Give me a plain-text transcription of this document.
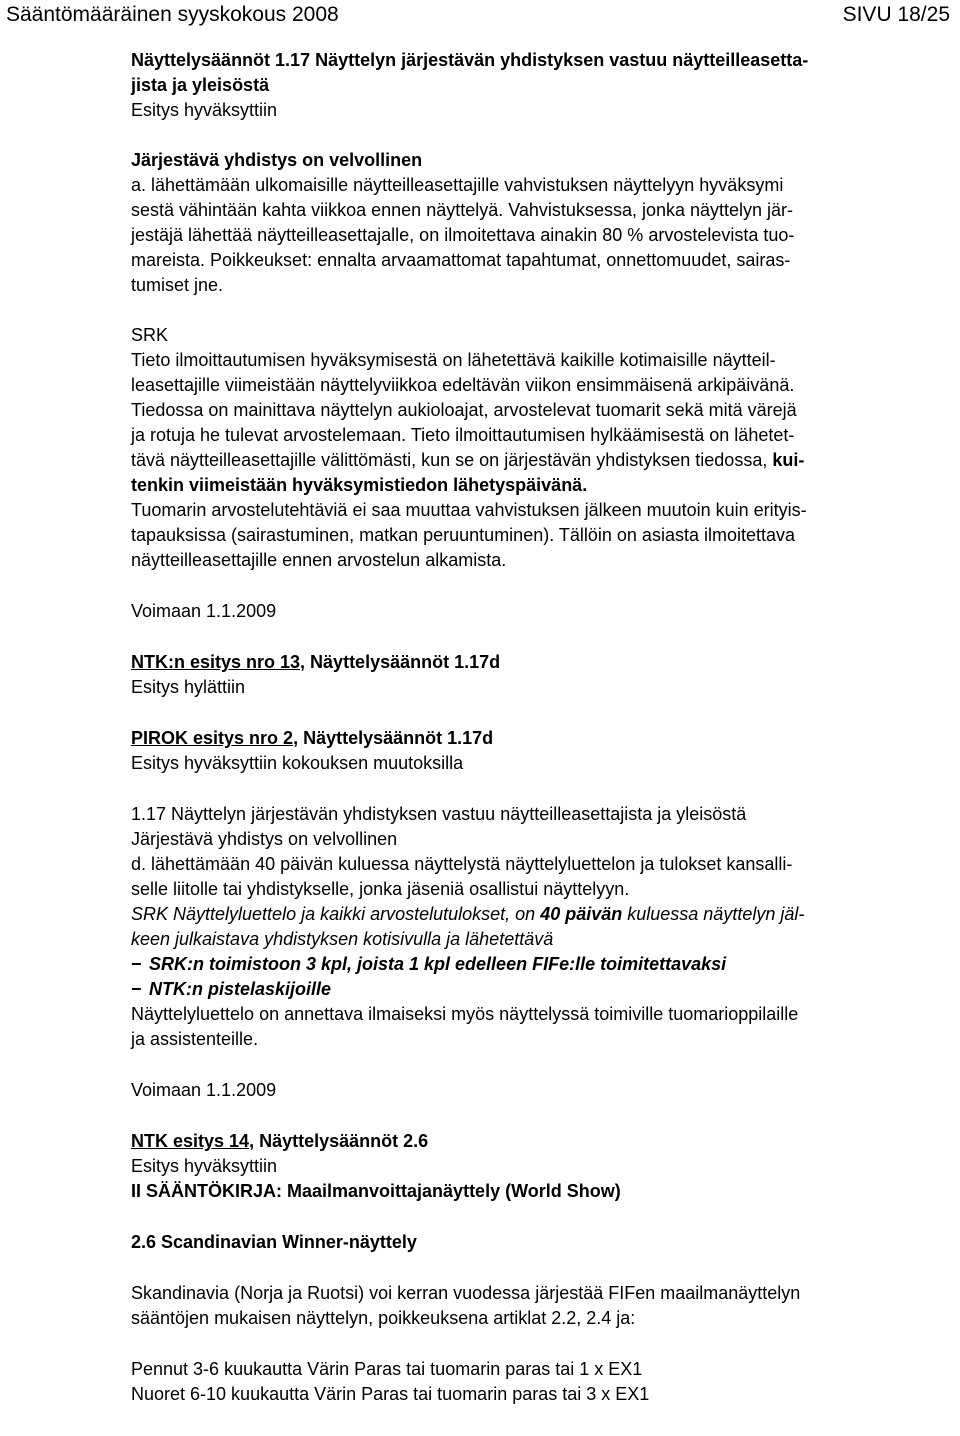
Sääntömääräinen syyskokous 2008	SIVU 18/25

Näyttelysäännöt 1.17 Näyttelyn järjestävän yhdistyksen vastuu näytteilleasetta-

jista ja yleisöstä

Esitys hyväksyttiin

Järjestävä yhdistys on velvollinen

a. lähettämään ulkomaisille näytteilleasettajille vahvistuksen näyttelyyn hyväksymi

sestä vähintään kahta viikkoa ennen näyttelyä. Vahvistuksessa, jonka näyttelyn jär-

jestäjä lähettää näytteilleasettajalle, on ilmoitettava ainakin 80 % arvostelevista tuo-

mareista. Poikkeukset: ennalta arvaamattomat tapahtumat, onnettomuudet, sairas-

tumiset jne.

SRK

Tieto ilmoittautumisen hyväksymisestä on lähetettävä kaikille kotimaisille näytteil-

leasettajille viimeistään näyttelyviikkoa edeltävän viikon ensimmäisenä arkipäivänä.

Tiedossa on mainittava näyttelyn aukioloajat, arvostelevat tuomarit sekä mitä värejä

ja rotuja he tulevat arvostelemaan. Tieto ilmoittautumisen hylkäämisestä on lähetet-

tävä näytteilleasettajille välittömästi, kun se on järjestävän yhdistyksen tiedossa, kui-

tenkin viimeistään hyväksymistiedon lähetyspäivänä.

Tuomarin arvostelutehtäviä ei saa muuttaa vahvistuksen jälkeen muutoin kuin erityis-

tapauksissa (sairastuminen, matkan peruuntuminen). Tällöin on asiasta ilmoitettava

näytteilleasettajille ennen arvostelun alkamista.

Voimaan 1.1.2009

NTK:n esitys nro 13, Näyttelysäännöt 1.17d

Esitys hylättiin

PIROK esitys nro 2, Näyttelysäännöt 1.17d

Esitys hyväksyttiin kokouksen muutoksilla

1.17 Näyttelyn järjestävän yhdistyksen vastuu näytteilleasettajista ja yleisöstä

Järjestävä yhdistys on velvollinen

d. lähettämään 40 päivän kuluessa näyttelystä näyttelyluettelon ja tulokset kansalli-

selle liitolle tai yhdistykselle, jonka jäseniä osallistui näyttelyyn.

SRK Näyttelyluettelo ja kaikki arvostelutulokset, on 40 päivän kuluessa näyttelyn jäl-

keen julkaistava yhdistyksen kotisivulla ja lähetettävä

− SRK:n toimistoon 3 kpl, joista 1 kpl edelleen FIFe:lle toimitettavaksi

− NTK:n pistelaskijoille

Näyttelyluettelo on annettava ilmaiseksi myös näyttelyssä toimiville tuomarioppilaille

ja assistenteille.

Voimaan 1.1.2009

NTK esitys 14, Näyttelysäännöt 2.6

Esitys hyväksyttiin

II SÄÄNTÖKIRJA: Maailmanvoittajanäyttely (World Show)

2.6 Scandinavian Winner-näyttely

Skandinavia (Norja ja Ruotsi) voi kerran vuodessa järjestää FIFen maailmanäyttelyn

sääntöjen mukaisen näyttelyn, poikkeuksena artiklat 2.2, 2.4 ja:

Pennut 3-6 kuukautta Värin Paras tai tuomarin paras tai 1 x EX1

Nuoret 6-10 kuukautta Värin Paras tai tuomarin paras tai 3 x EX1
